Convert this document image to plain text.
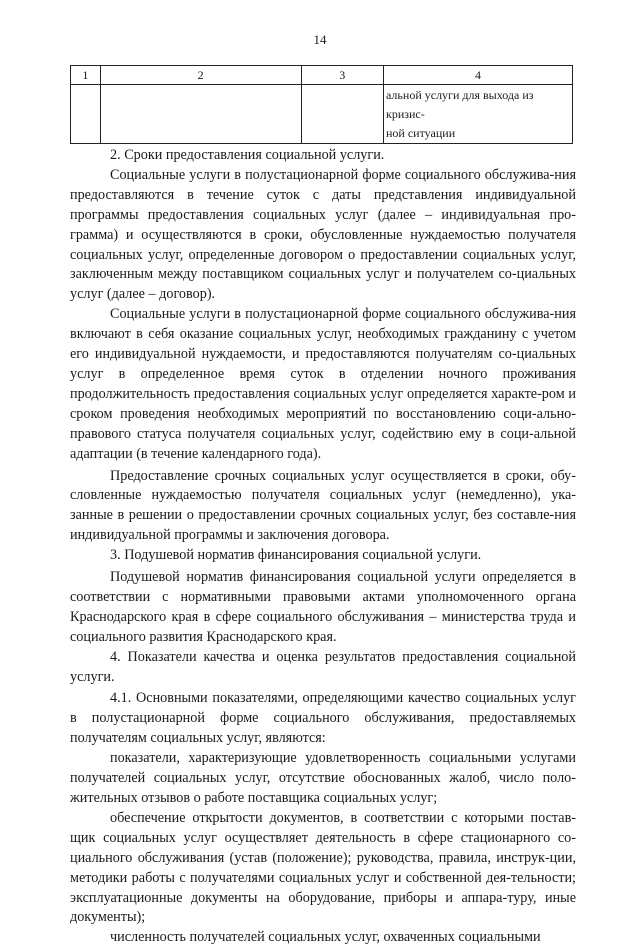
14
1	2	3	4
			альной услуги для выхода из кризис-
ной ситуации

2. Сроки предоставления социальной услуги.

Социальные услуги в полустационарной форме социального обслужива-ния предоставляются в течение суток с даты представления индивидуальной программы предоставления социальных услуг (далее – индивидуальная про-грамма) и осуществляются в сроки, обусловленные нуждаемостью получателя социальных услуг, определенные договором о предоставлении социальных услуг, заключенным между поставщиком социальных услуг и получателем со-циальных услуг (далее – договор).

Социальные услуги в полустационарной форме социального обслужива-ния включают в себя оказание социальных услуг, необходимых гражданину с учетом его индивидуальной нуждаемости, и предоставляются получателям со-циальных услуг в определенное время суток в отделении ночного проживания продолжительность предоставления социальных услуг определяется характе-ром и сроком проведения необходимых мероприятий по восстановлению соци-ально-правового статуса получателя социальных услуг, содействию ему в соци-альной адаптации (в течение календарного года).

Предоставление срочных социальных услуг осуществляется в сроки, обу-словленные нуждаемостью получателя социальных услуг (немедленно), ука-занные в решении о предоставлении срочных социальных услуг, без составле-ния индивидуальной программы и заключения договора.

3. Подушевой норматив финансирования социальной услуги.

Подушевой норматив финансирования социальной услуги определяется в соответствии с нормативными правовыми актами уполномоченного органа Краснодарского края в сфере социального обслуживания – министерства труда и социального развития Краснодарского края.

4. Показатели качества и оценка результатов предоставления социальной услуги.

4.1. Основными показателями, определяющими качество социальных услуг в полустационарной форме социального обслуживания, предоставляемых получателям социальных услуг, являются:

показатели, характеризующие удовлетворенность социальными услугами получателей социальных услуг, отсутствие обоснованных жалоб, число поло-жительных отзывов о работе поставщика социальных услуг;

обеспечение открытости документов, в соответствии с которыми постав-щик социальных услуг осуществляет деятельность в сфере стационарного со-циального обслуживания (устав (положение); руководства, правила, инструк-ции, методики работы с получателями социальных услуг и собственной дея-тельности; эксплуатационные документы на оборудование, приборы и аппара-туру, иные документы);

численность получателей социальных услуг, охваченных социальными
